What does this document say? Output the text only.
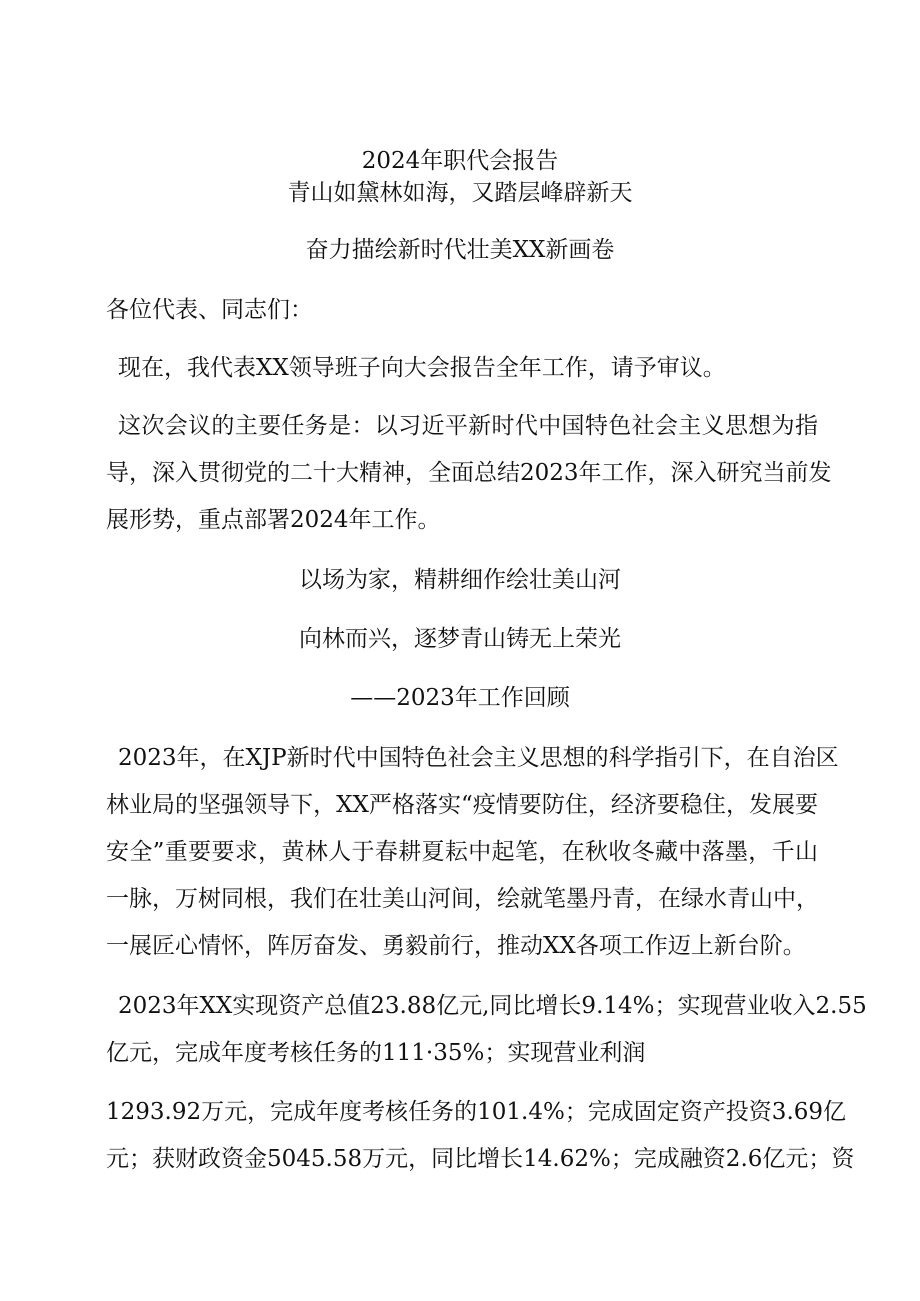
2024年职代会报告
青山如黛林如海，又踏层峰辟新天
奋力描绘新时代壮美XX新画卷
各位代表、同志们：
现在，我代表XX领导班子向大会报告全年工作，请予审议。
这次会议的主要任务是：以习近平新时代中国特色社会主义思想为指
导，深入贯彻党的二十大精神，全面总结2023年工作，深入研究当前发
展形势，重点部署2024年工作。
以场为家，精耕细作绘壮美山河
向林而兴，逐梦青山铸无上荣光
——2023年工作回顾
2023年，在XJP新时代中国特色社会主义思想的科学指引下，在自治区
林业局的坚强领导下，XX严格落实“疫情要防住，经济要稳住，发展要
安全”重要要求，黄林人于春耕夏耘中起笔，在秋收冬藏中落墨，千山
一脉，万树同根，我们在壮美山河间，绘就笔墨丹青，在绿水青山中，
一展匠心情怀，阵厉奋发、勇毅前行，推动XX各项工作迈上新台阶。
2023年XX实现资产总值23.88亿元,同比增长9.14%；实现营业收入2.55
亿元，完成年度考核任务的111·35%；实现营业利润
1293.92万元，完成年度考核任务的101.4%；完成固定资产投资3.69亿
元；获财政资金5045.58万元，同比增长14.62%；完成融资2.6亿元；资
